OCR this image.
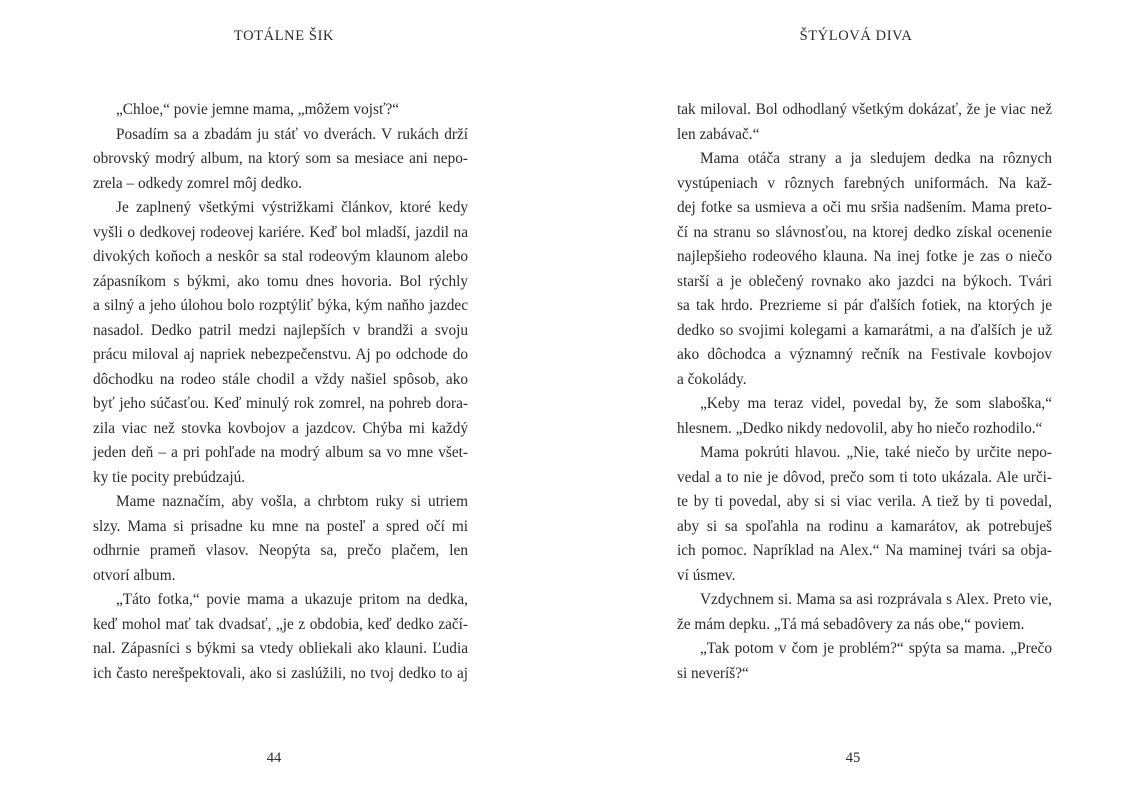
TOTÁLNE ŠIK
„Chloe,“ povie jemne mama, „môžem vojsť?“
Posadím sa a zbadám ju stáť vo dverách. V rukách drží
obrovský modrý album, na ktorý som sa mesiace ani nepo-
zrela – odkedy zomrel môj dedko.
Je zaplnený všetkými výstrižkami článkov, ktoré kedy
vyšli o dedkovej rodeovej kariére. Keď bol mladší, jazdil na
divokých koňoch a neskôr sa stal rodeovým klaunom alebo
zápasníkom s býkmi, ako tomu dnes hovoria. Bol rýchly
a silný a jeho úlohou bolo rozptýliť býka, kým naňho jazdec
nasadol. Dedko patril medzi najlepších v brandži a svoju
prácu miloval aj napriek nebezpečenstvu. Aj po odchode do
dôchodku na rodeo stále chodil a vždy našiel spôsob, ako
byť jeho súčasťou. Keď minulý rok zomrel, na pohreb dora-
zila viac než stovka kovbojov a jazdcov. Chýba mi každý
jeden deň – a pri pohľade na modrý album sa vo mne všet-
ky tie pocity prebúdzajú.
Mame naznačím, aby vošla, a chrbtom ruky si utriem
slzy. Mama si prisadne ku mne na posteľ a spred očí mi
odhrnie prameň vlasov. Neopýta sa, prečo plačem, len
otvorí album.
„Táto fotka,“ povie mama a ukazuje pritom na dedka,
keď mohol mať tak dvadsať, „je z obdobia, keď dedko začí-
nal. Zápasníci s býkmi sa vtedy obliekali ako klauni. Ľudia
ich často nerešpektovali, ako si zaslúžili, no tvoj dedko to aj
44
ŠTÝLOVÁ DIVA
tak miloval. Bol odhodlaný všetkým dokázať, že je viac než
len zabávač.“
Mama otáča strany a ja sledujem dedka na rôznych
vystúpeniach v rôznych farebných uniformách. Na kaž-
dej fotke sa usmieva a oči mu sršia nadšením. Mama preto-
čí na stranu so slávnosťou, na ktorej dedko získal ocenenie
najlepšieho rodeového klauna. Na inej fotke je zas o niečo
starší a je oblečený rovnako ako jazdci na býkoch. Tvári
sa tak hrdo. Prezrieme si pár ďalších fotiek, na ktorých je
dedko so svojimi kolegami a kamarátmi, a na ďalších je už
ako dôchodca a významný rečník na Festivale kovbojov
a čokolády.
„Keby ma teraz videl, povedal by, že som slaboška,“
hlesnem. „Dedko nikdy nedovolil, aby ho niečo rozhodilo.“
Mama pokrúti hlavou. „Nie, také niečo by určite nepo-
vedal a to nie je dôvod, prečo som ti toto ukázala. Ale urči-
te by ti povedal, aby si si viac verila. A tiež by ti povedal,
aby si sa spoľahla na rodinu a kamarátov, ak potrebuješ
ich pomoc. Napríklad na Alex.“ Na maminej tvári sa obja-
ví úsmev.
Vzdychnem si. Mama sa asi rozprávala s Alex. Preto vie,
že mám depku. „Tá má sebadôvery za nás obe,“ poviem.
„Tak potom v čom je problém?“ spýta sa mama. „Prečo
si neveríš?“
45
